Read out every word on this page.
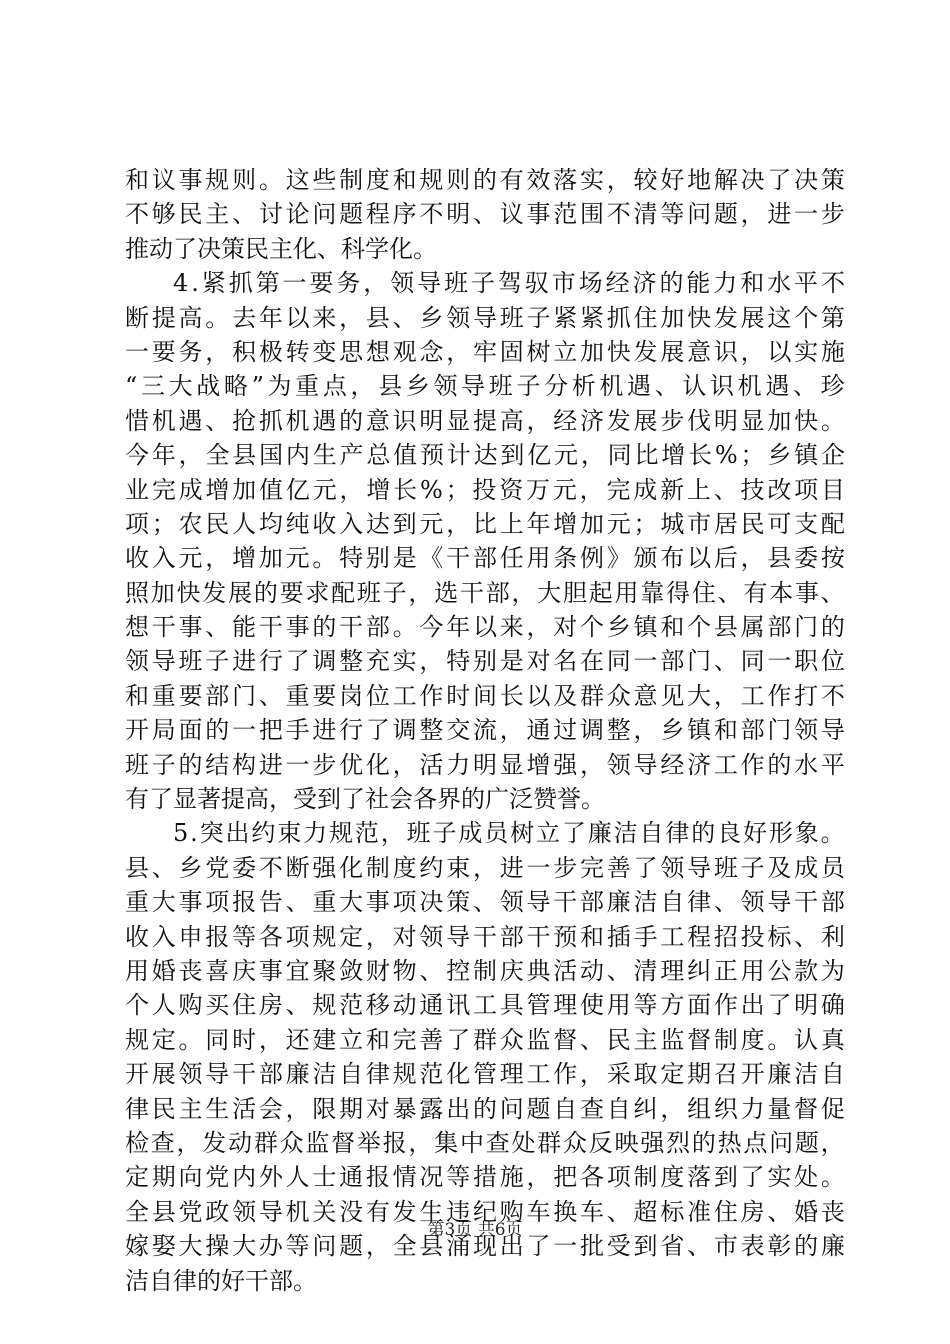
和 议 事 规 则 。 这 些 制 度 和 规 则 的 有 效 落 实 ， 较 好 地 解 决 了 决 策
不 够 民 主 、 讨 论 问 题 程 序 不 明 、 议 事 范 围 不 清 等 问 题 ， 进 一 步
推动了决策民主化、科学化。
4 . 紧 抓 第 一 要 务 ， 领 导 班 子 驾 驭 市 场 经 济 的 能 力 和 水 平 不
断 提 高 。 去 年 以 来 ， 县 、 乡 领 导 班 子 紧 紧 抓 住 加 快 发 展 这 个 第
一 要 务 ， 积 极 转 变 思 想 观 念 ， 牢 固 树 立 加 快 发 展 意 识 ， 以 实 施
“ 三 大 战 略 ” 为 重 点 ， 县 乡 领 导 班 子 分 析 机 遇 、 认 识 机 遇 、 珍
惜 机 遇 、 抢 抓 机 遇 的 意 识 明 显 提 高 ， 经 济 发 展 步 伐 明 显 加 快 。
今 年 ， 全 县 国 内 生 产 总 值 预 计 达 到 亿 元 ， 同 比 增 长 % ； 乡 镇 企
业 完 成 增 加 值 亿 元 ， 增 长 % ； 投 资 万 元 ， 完 成 新 上 、 技 改 项 目
项 ； 农 民 人 均 纯 收 入 达 到 元 ， 比 上 年 增 加 元 ； 城 市 居 民 可 支 配
收 入 元 ， 增 加 元 。 特 别 是 《 干 部 任 用 条 例 》 颁 布 以 后 ， 县 委 按
照 加 快 发 展 的 要 求 配 班 子 ， 选 干 部 ， 大 胆 起 用 靠 得 住 、 有 本 事 、
想 干 事 、 能 干 事 的 干 部 。 今 年 以 来 ， 对 个 乡 镇 和 个 县 属 部 门 的
领 导 班 子 进 行 了 调 整 充 实 ， 特 别 是 对 名 在 同 一 部 门 、 同 一 职 位
和 重 要 部 门 、 重 要 岗 位 工 作 时 间 长 以 及 群 众 意 见 大 ， 工 作 打 不
开 局 面 的 一 把 手 进 行 了 调 整 交 流 ， 通 过 调 整 ， 乡 镇 和 部 门 领 导
班 子 的 结 构 进 一 步 优 化 ， 活 力 明 显 增 强 ， 领 导 经 济 工 作 的 水 平
有了显著提高，受到了社会各界的广泛赞誉。
5 . 突 出 约 束 力 规 范 ， 班 子 成 员 树 立 了 廉 洁 自 律 的 良 好 形 象 。
县 、 乡 党 委 不 断 强 化 制 度 约 束 ， 进 一 步 完 善 了 领 导 班 子 及 成 员
重 大 事 项 报 告 、 重 大 事 项 决 策 、 领 导 干 部 廉 洁 自 律 、 领 导 干 部
收 入 申 报 等 各 项 规 定 ， 对 领 导 干 部 干 预 和 插 手 工 程 招 投 标 、 利
用 婚 丧 喜 庆 事 宜 聚 敛 财 物 、 控 制 庆 典 活 动 、 清 理 纠 正 用 公 款 为
个 人 购 买 住 房 、 规 范 移 动 通 讯 工 具 管 理 使 用 等 方 面 作 出 了 明 确
规 定 。 同 时 ， 还 建 立 和 完 善 了 群 众 监 督 、 民 主 监 督 制 度 。 认 真
开 展 领 导 干 部 廉 洁 自 律 规 范 化 管 理 工 作 ， 采 取 定 期 召 开 廉 洁 自
律 民 主 生 活 会 ， 限 期 对 暴 露 出 的 问 题 自 查 自 纠 ， 组 织 力 量 督 促
检 查 ， 发 动 群 众 监 督 举 报 ， 集 中 查 处 群 众 反 映 强 烈 的 热 点 问 题 ，
定 期 向 党 内 外 人 士 通 报 情 况 等 措 施 ， 把 各 项 制 度 落 到 了 实 处 。
全 县 党 政 领 导 机 关 没 有 发 生 违 纪 购 车 换 车 、 超 标 准 住 房 、 婚 丧
嫁 娶 大 操 大 办 等 问 题 ， 全 县 涌 现 出 了 一 批 受 到 省 、 市 表 彰 的 廉
洁自律的好干部。
第3页 共6页
